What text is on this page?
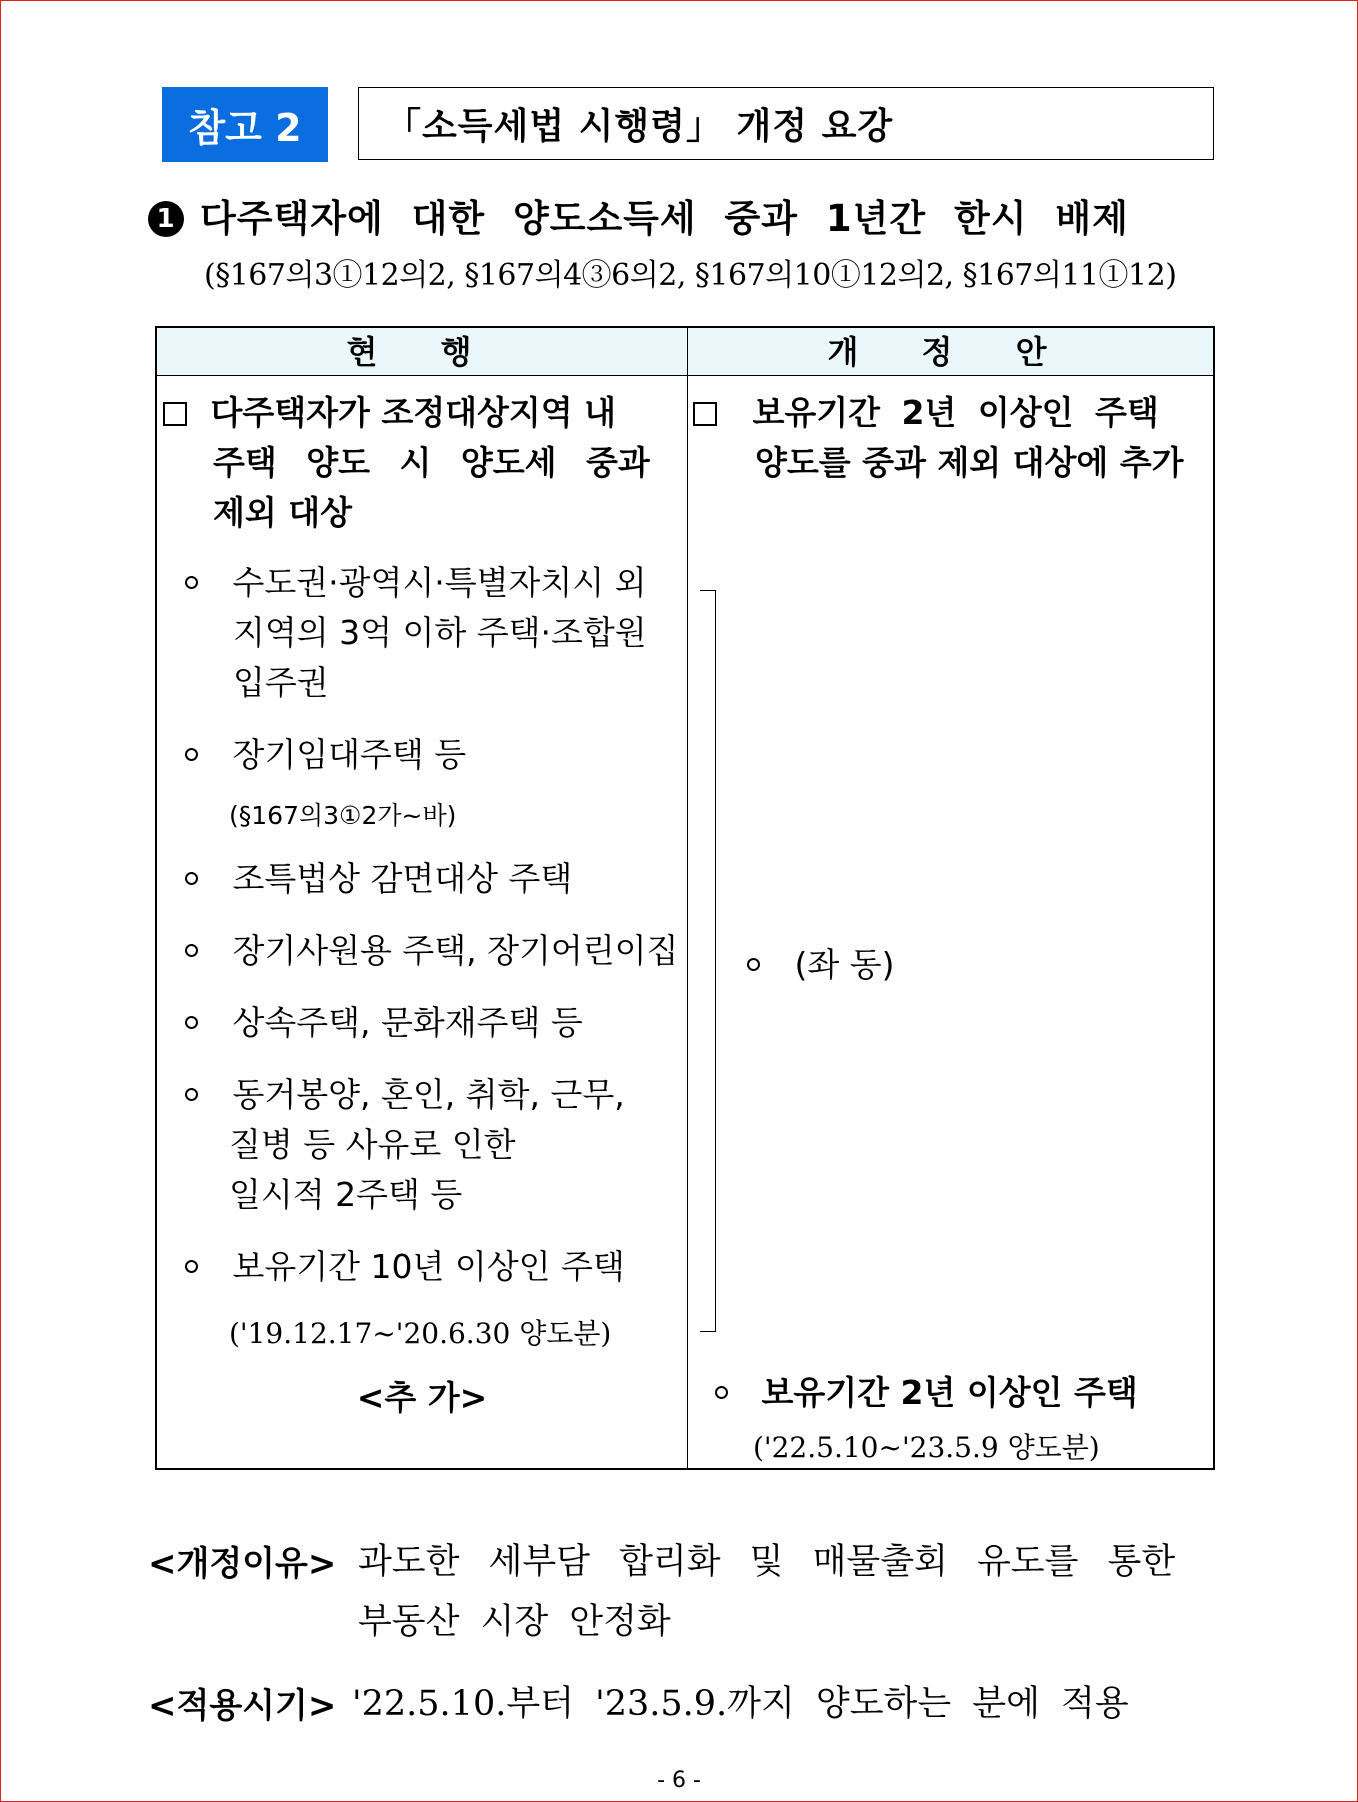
참고 2	「소득세법 시행령」 개정 요강
1 다주택자에 대한 양도소득세 중과 1년간 한시 배제
(§167의3①12의2, §167의4③6의2, §167의10①12의2, §167의11①12)
현 행	개 정 안
다주택자가 조정대상지역 내
주택 양도 시 양도세 중과
제외 대상
수도권·광역시·특별자치시 외
지역의 3억 이하 주택·조합원
입주권
장기임대주택 등
(§167의3①2가~바)
조특법상 감면대상 주택
장기사원용 주택, 장기어린이집
상속주택, 문화재주택 등
동거봉양, 혼인, 취학, 근무,
질병 등 사유로 인한
일시적 2주택 등
보유기간 10년 이상인 주택
('19.12.17~'20.6.30 양도분)
<추 가>
보유기간 2년 이상인 주택
양도를 중과 제외 대상에 추가
(좌 동)
보유기간 2년 이상인 주택
('22.5.10~'23.5.9 양도분)
<개정이유> 과도한 세부담 합리화 및 매물출회 유도를 통한
부동산 시장 안정화
<적용시기> '22.5.10.부터 '23.5.9.까지 양도하는 분에 적용
- 6 -
